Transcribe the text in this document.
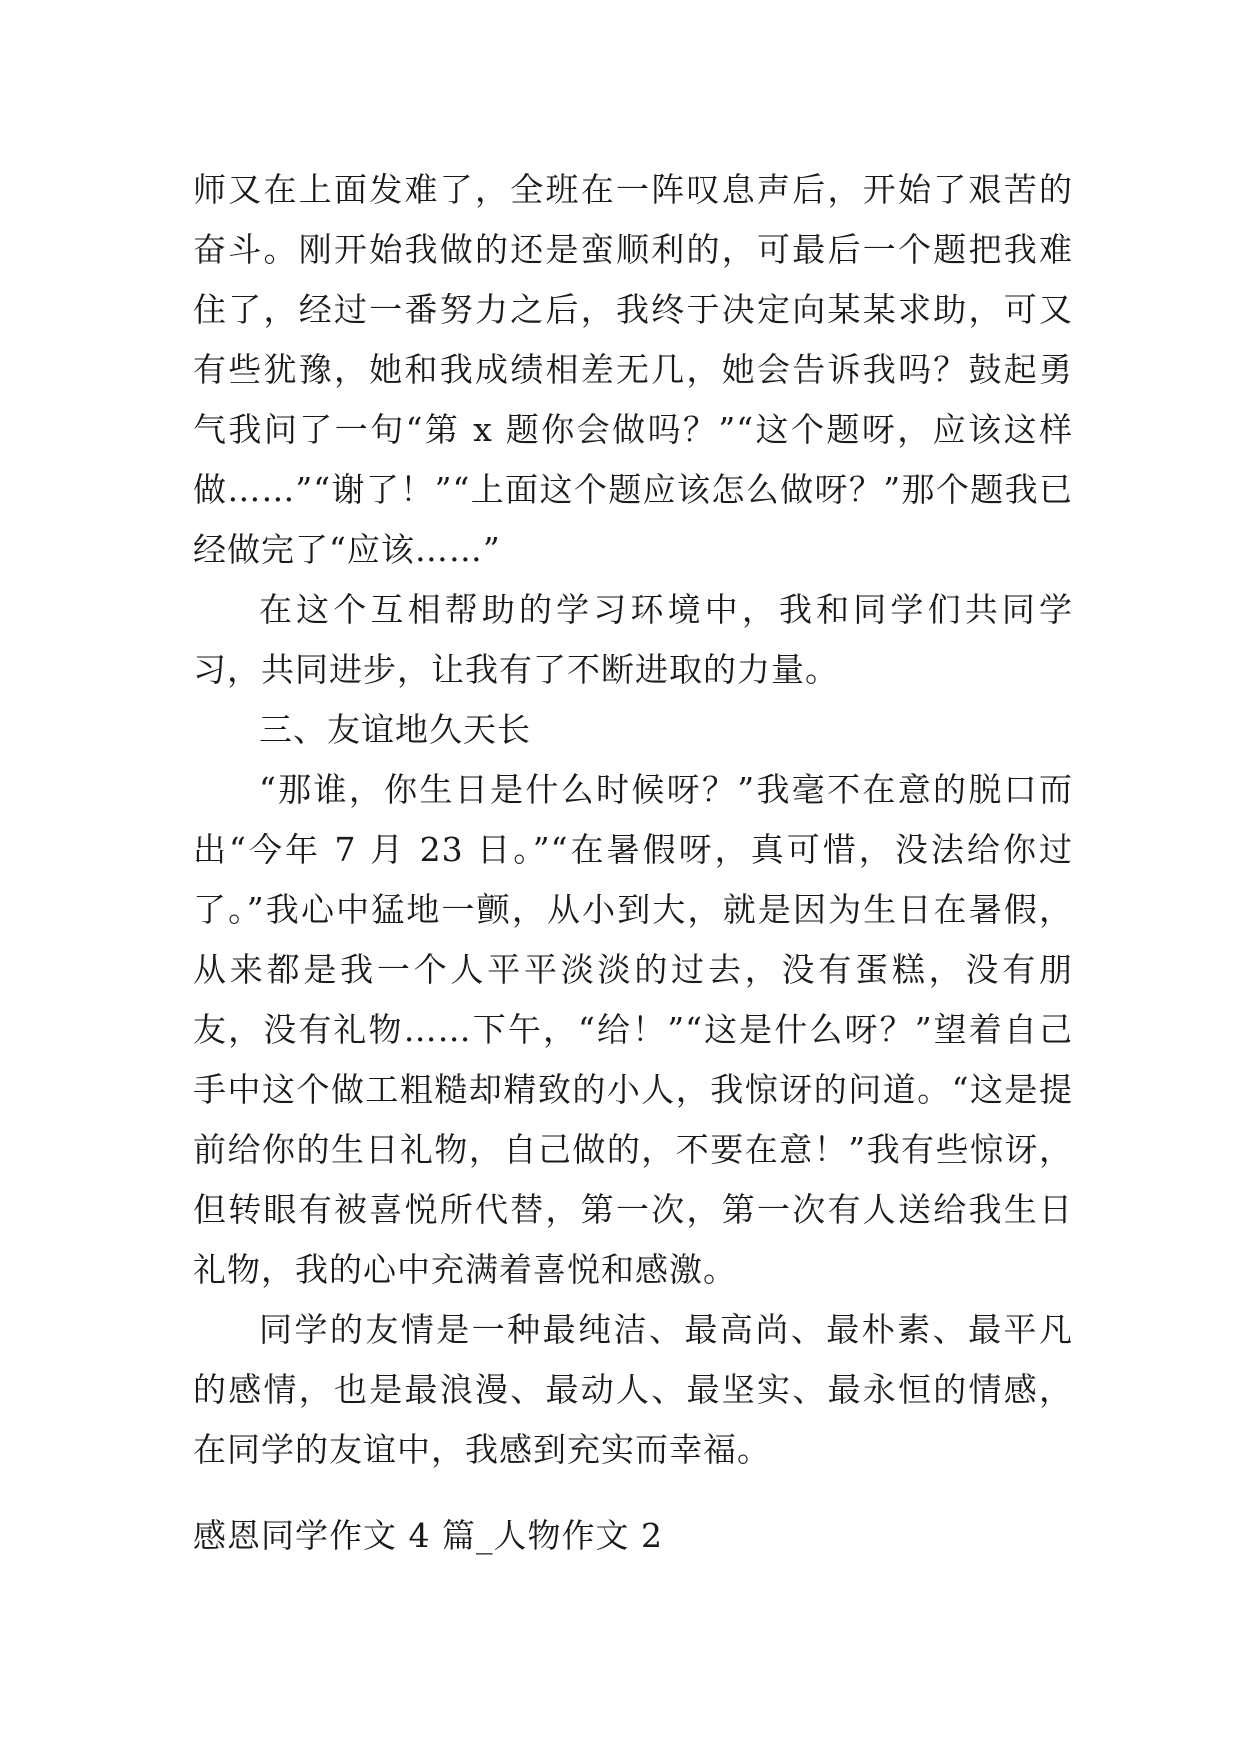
师又在上面发难了，全班在一阵叹息声后，开始了艰苦的奋斗。刚开始我做的还是蛮顺利的，可最后一个题把我难住了，经过一番努力之后，我终于决定向某某求助，可又有些犹豫，她和我成绩相差无几，她会告诉我吗？鼓起勇气我问了一句“第 x 题你会做吗？”“这个题呀，应该这样做……”“谢了！”“上面这个题应该怎么做呀？”那个题我已经做完了“应该……”

在这个互相帮助的学习环境中，我和同学们共同学习，共同进步，让我有了不断进取的力量。

三、友谊地久天长

“那谁，你生日是什么时候呀？”我毫不在意的脱口而出“今年 7 月 23 日。”“在暑假呀，真可惜，没法给你过了。”我心中猛地一颤，从小到大，就是因为生日在暑假，从来都是我一个人平平淡淡的过去，没有蛋糕，没有朋友，没有礼物……下午，“给！”“这是什么呀？”望着自己手中这个做工粗糙却精致的小人，我惊讶的问道。“这是提前给你的生日礼物，自己做的，不要在意！”我有些惊讶，但转眼有被喜悦所代替，第一次，第一次有人送给我生日礼物，我的心中充满着喜悦和感激。

同学的友情是一种最纯洁、最高尚、最朴素、最平凡的感情，也是最浪漫、最动人、最坚实、最永恒的情感，在同学的友谊中，我感到充实而幸福。

感恩同学作文 4 篇_人物作文 2
